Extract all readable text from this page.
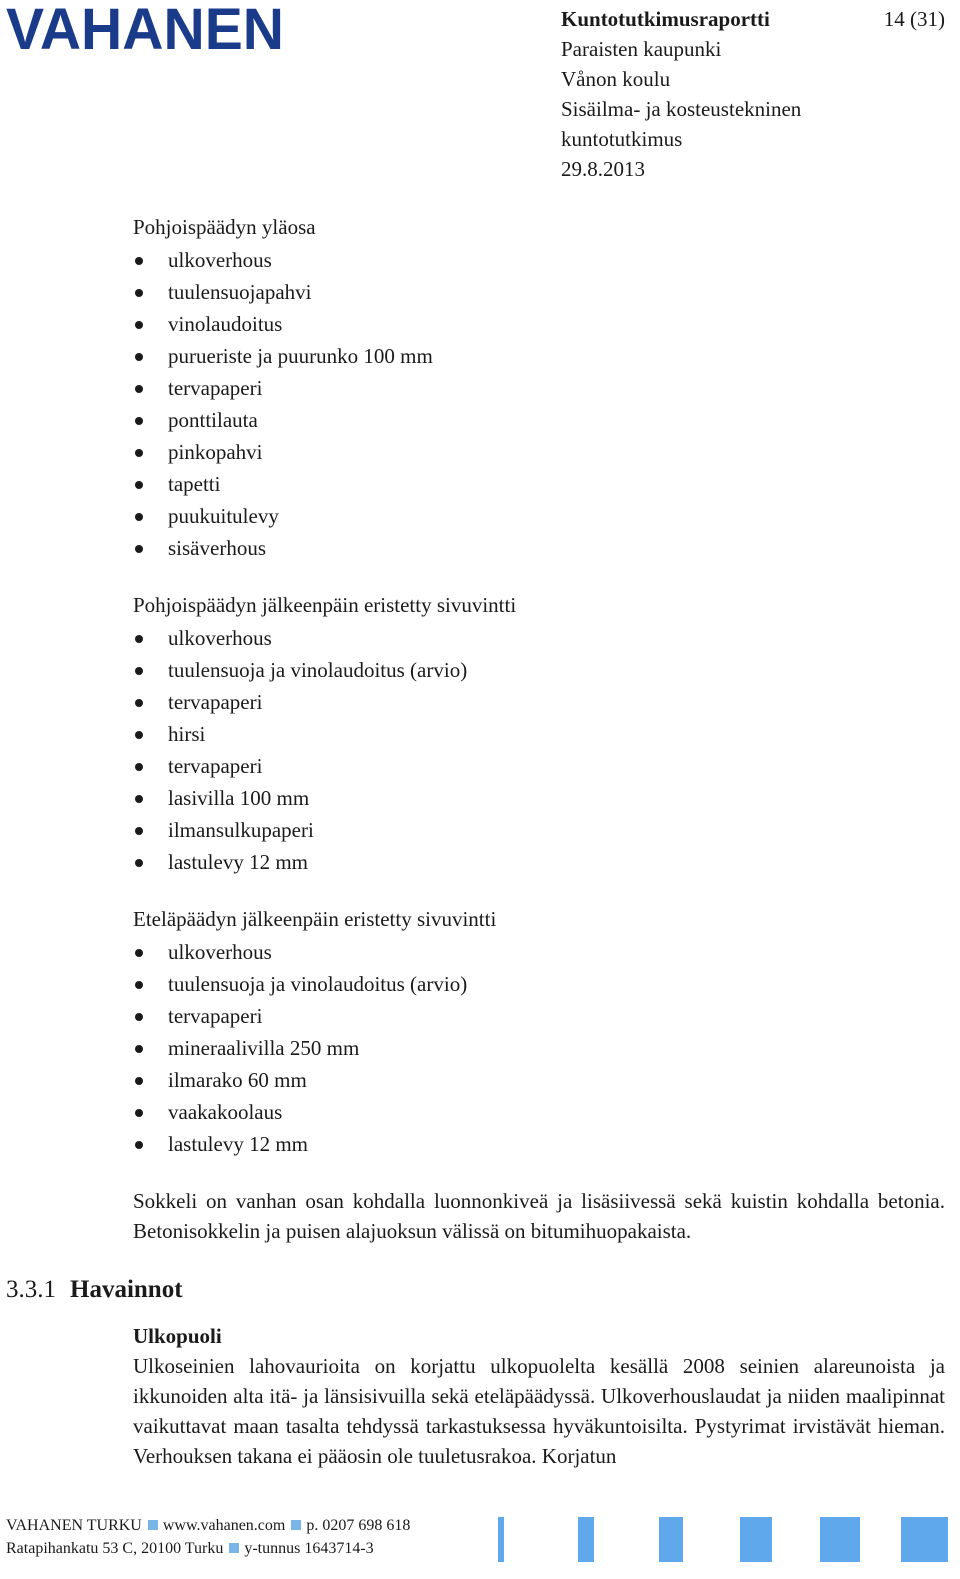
VAHANEN	Kuntotutkimusraportti	14 (31)
Paraisten kaupunki
Vånon koulu
Sisäilma- ja kosteustekninen
kuntotutkimus
29.8.2013
Pohjoispäädyn yläosa
ulkoverhous
tuulensuojapahvi
vinolaudoitus
purueriste ja puurunko 100 mm
tervapaperi
ponttilauta
pinkopahvi
tapetti
puukuitulevy
sisäverhous
Pohjoispäädyn jälkeenpäin eristetty sivuvintti
ulkoverhous
tuulensuoja ja vinolaudoitus (arvio)
tervapaperi
hirsi
tervapaperi
lasivilla 100 mm
ilmansulkupaperi
lastulevy 12 mm
Eteläpäädyn jälkeenpäin eristetty sivuvintti
ulkoverhous
tuulensuoja ja vinolaudoitus (arvio)
tervapaperi
mineraalivilla 250 mm
ilmarako 60 mm
vaakakoolaus
lastulevy 12 mm

Sokkeli on vanhan osan kohdalla luonnonkiveä ja lisäsiivessä sekä kuistin kohdalla betonia. Betonisokkelin ja puisen alajuoksun välissä on bitumihuopakaista.

3.3.1 Havainnot
Ulkopuoli

Ulkoseinien lahovaurioita on korjattu ulkopuolelta kesällä 2008 seinien alareunoista ja ikkunoiden alta itä- ja länsisivuilla sekä eteläpäädyssä. Ulkoverhouslaudat ja niiden maalipinnat vaikuttavat maan tasalta tehdyssä tarkastuksessa hyväkuntoisilta. Pystyrimat irvistävät hieman. Verhouksen takana ei pääosin ole tuuletusrakoa. Korjatun

VAHANEN TURKU www.vahanen.com p. 0207 698 618
Ratapihankatu 53 C, 20100 Turku y-tunnus 1643714-3
